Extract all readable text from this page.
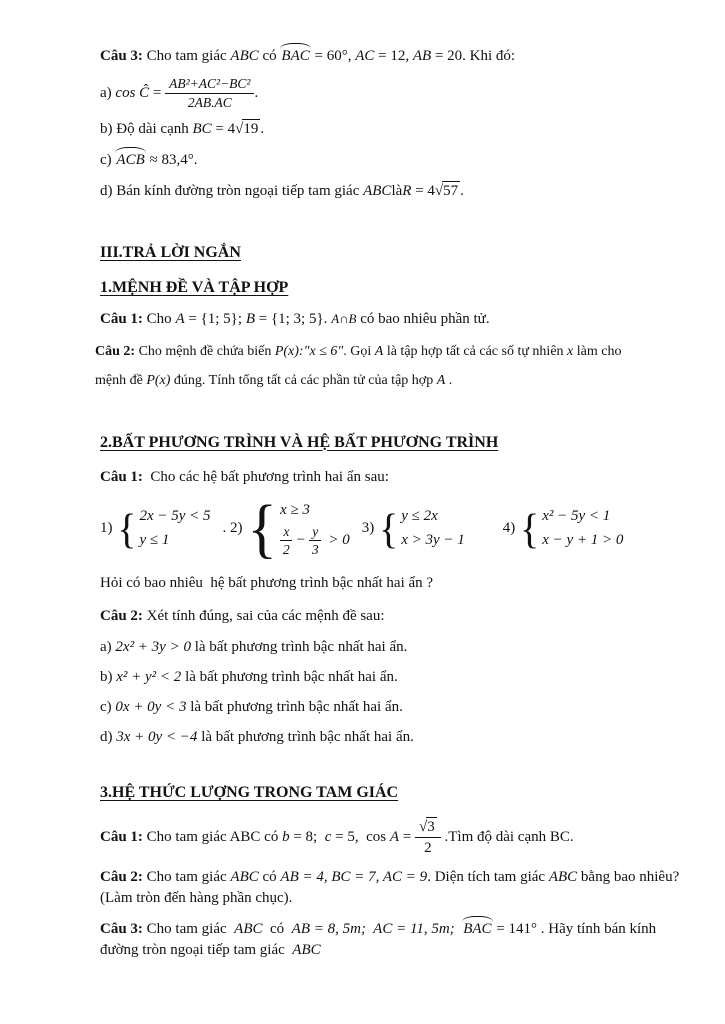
Câu 3: Cho tam giác ABC có BAC = 60°, AC = 12, AB = 20. Khi đó:

a) cos Ĉ = $\frac{\text{AB²+AC²−BC²}}{2AB.AC}$ .

b) Độ dài cạnh BC = 4√19 .

c) ACB ≈ 83,4°.

d) Bán kính đường tròn ngoại tiếp tam giác ABClàR = 4√57 .

III.TRẢ LỜI NGẮN

1.MỆNH ĐỀ VÀ TẬP HỢP

Câu 1: Cho A = {1; 5}; B = {1; 3; 5}. A∩B có bao nhiêu phần tử.

Câu 2: Cho mệnh đề chứa biến P(x):"x ≤ 6". Gọi A là tập hợp tất cả các số tự nhiên x làm cho

mệnh đề P(x) đúng. Tính tổng tất cả các phần tử của tập hợp A .

2.BẤT PHƯƠNG TRÌNH VÀ HỆ BẤT PHƯƠNG TRÌNH

Câu 1:  Cho các hệ bất phương trình hai ẩn sau:

1) { 2x − 5y < 5
y ≤ 1
. 2) { x ≥ 3
$\frac{x}{2} - \frac{y}{3} > 0$
3) { y ≤ 2x
x > 3y − 1
4) { x² − 5y < 1
x − y + 1 > 0

Hỏi có bao nhiêu  hệ bất phương trình bậc nhất hai ẩn ?

Câu 2: Xét tính đúng, sai của các mệnh đề sau:

a) 2x² + 3y > 0 là bất phương trình bậc nhất hai ẩn.

b) x² + y² < 2 là bất phương trình bậc nhất hai ẩn.

c) 0x + 0y < 3 là bất phương trình bậc nhất hai ẩn.

d) 3x + 0y < −4 là bất phương trình bậc nhất hai ẩn.

3.HỆ THỨC LƯỢNG TRONG TAM GIÁC

Câu 1: Cho tam giác ABC có b = 8;  c = 5,  $\cos A = \frac{√3}{2}$ .Tìm độ dài cạnh BC.

Câu 2: Cho tam giác ABC có AB = 4, BC = 7, AC = 9. Diện tích tam giác ABC bằng bao nhiêu?

(Làm tròn đến hàng phần chục).

Câu 3: Cho tam giác  ABC  có  AB = 8, 5m;  AC = 11, 5m;  BAC = 141° . Hãy tính bán kính

đường tròn ngoại tiếp tam giác  ABC
